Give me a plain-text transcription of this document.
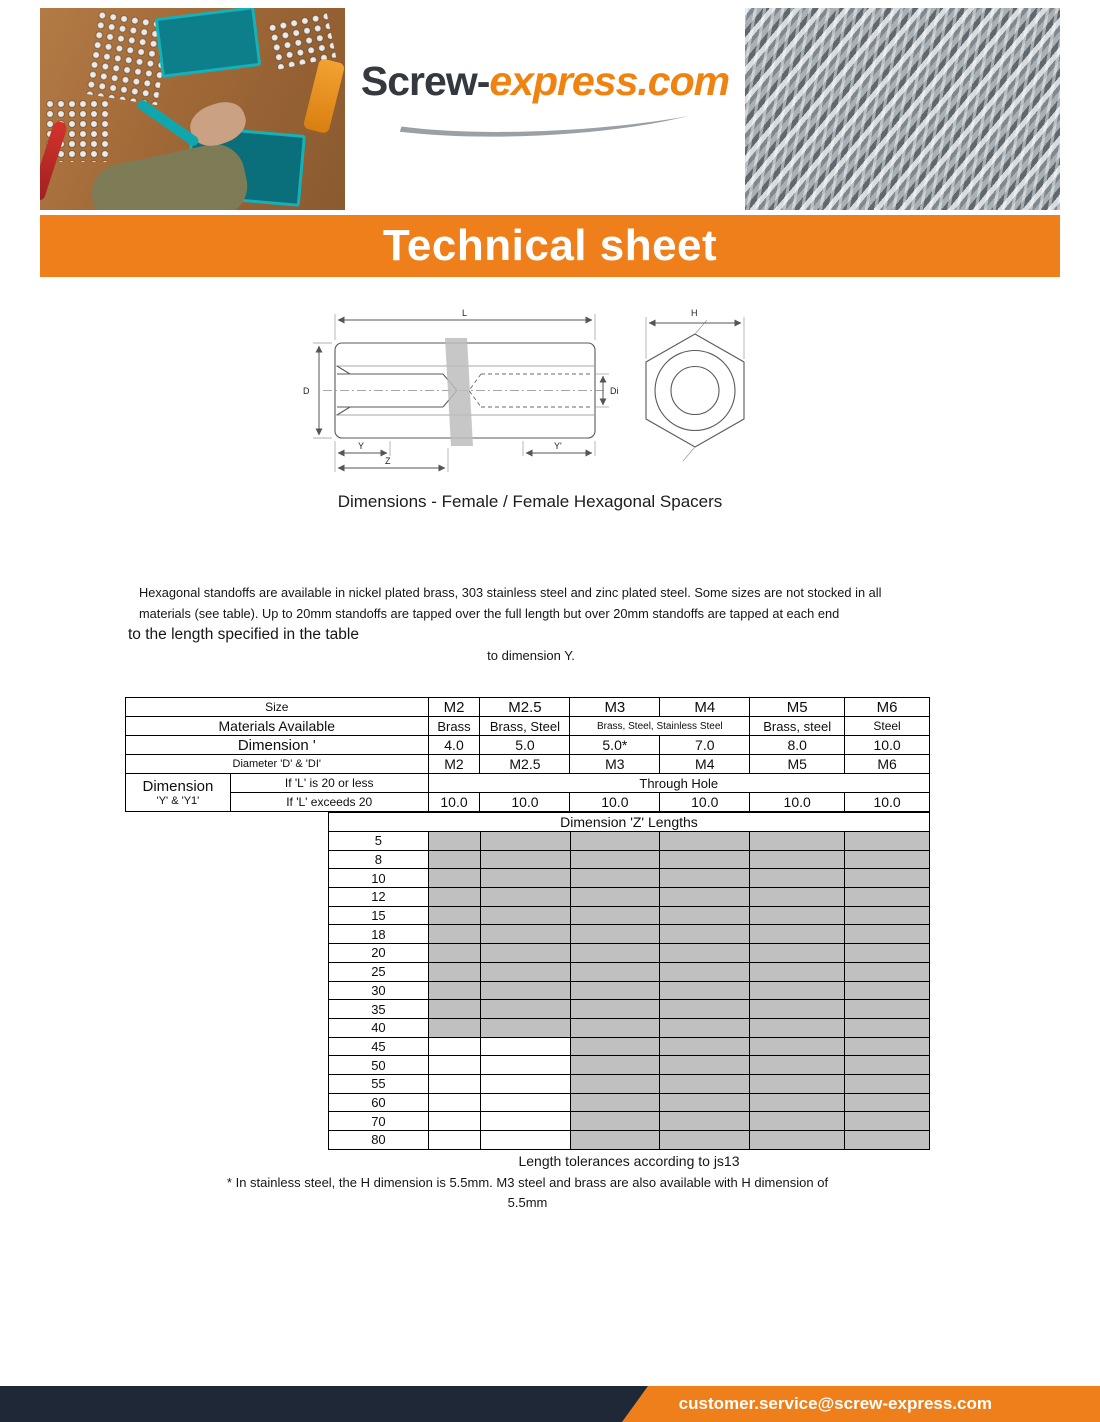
Screw-express.com
Technical sheet
L
D	Di
Y
Z
Y'
H
Dimensions - Female / Female Hexagonal Spacers
Hexagonal standoffs are available in nickel plated brass, 303 stainless steel and zinc plated steel. Some sizes are not stocked in all
materials (see table). Up to 20mm standoffs are tapped over the full length but over 20mm standoffs are tapped at each end
to the length specified in the table
to dimension Y.
Size		M2	M2.5	M3	M4	M5	M6
Materials Available		Brass	Brass, Steel	Brass, Steel, Stainless Steel		Brass, steel	Steel
Dimension '		4.0	5.0	5.0*	7.0	8.0	10.0
Diameter 'D' & 'DI'		M2	M2.5	M3	M4	M5	M6

Dimension
'Y' & 'Y1'	If 'L' is 20 or less	Through Hole					
	If 'L' exceeds 20	10.0	10.0	10.0	10.0	10.0	10.0
Dimension 'Z' Lengths						
5						
8						
10						
12						
15						
18						
20						
25						
30						
35						
40						
45						
50						
55						
60						
70						
80						
Length tolerances according to js13
* In stainless steel, the H dimension is 5.5mm. M3 steel and brass are also available with H dimension of
5.5mm
customer.service@screw-express.com
